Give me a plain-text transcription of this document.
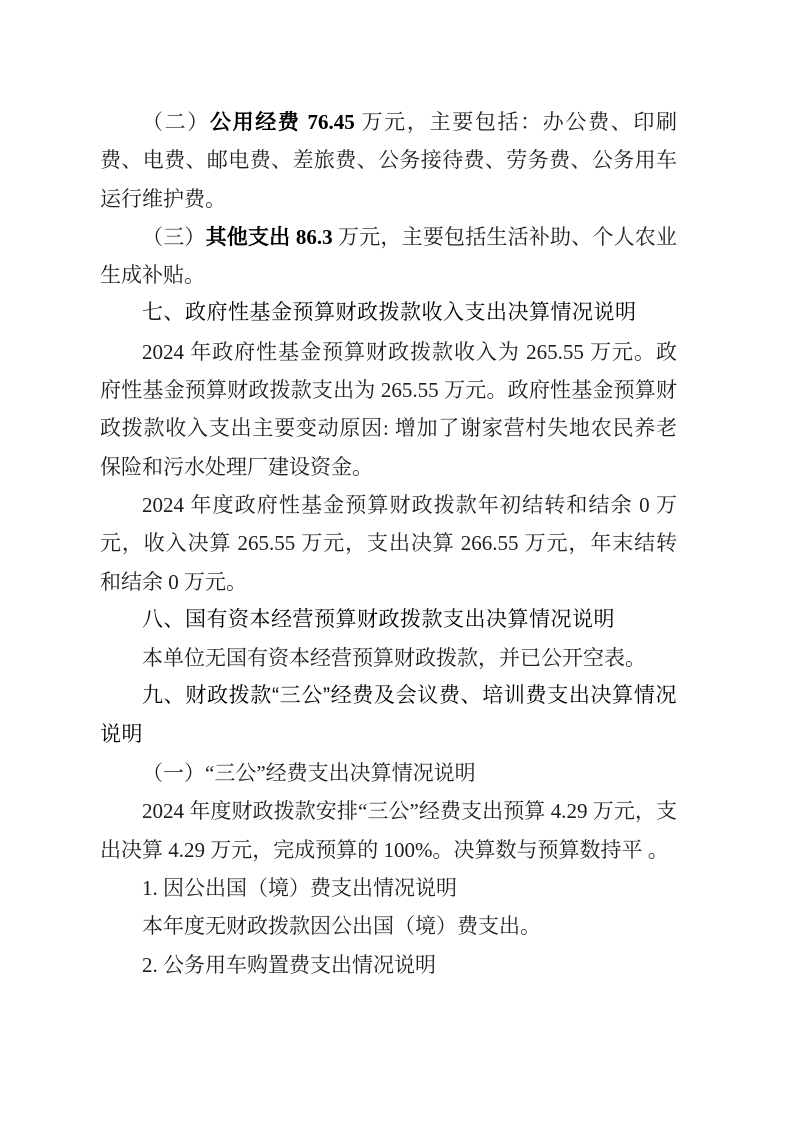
（二）公用经费 76.45 万元，主要包括：办公费、印刷费、电费、邮电费、差旅费、公务接待费、劳务费、公务用车运行维护费。

（三）其他支出 86.3 万元，主要包括生活补助、个人农业生成补贴。

七、政府性基金预算财政拨款收入支出决算情况说明

2024 年政府性基金预算财政拨款收入为 265.55 万元。政府性基金预算财政拨款支出为 265.55 万元。政府性基金预算财政拨款收入支出主要变动原因: 增加了谢家营村失地农民养老保险和污水处理厂建设资金。

2024 年度政府性基金预算财政拨款年初结转和结余 0 万元，收入决算 265.55 万元，支出决算 266.55 万元，年末结转和结余 0 万元。

八、国有资本经营预算财政拨款支出决算情况说明

本单位无国有资本经营预算财政拨款，并已公开空表。

九、财政拨款“三公”经费及会议费、培训费支出决算情况说明

（一）“三公”经费支出决算情况说明

2024 年度财政拨款安排“三公”经费支出预算 4.29 万元，支出决算 4.29 万元，完成预算的 100%。决算数与预算数持平 。

1. 因公出国（境）费支出情况说明

本年度无财政拨款因公出国（境）费支出。

2. 公务用车购置费支出情况说明
